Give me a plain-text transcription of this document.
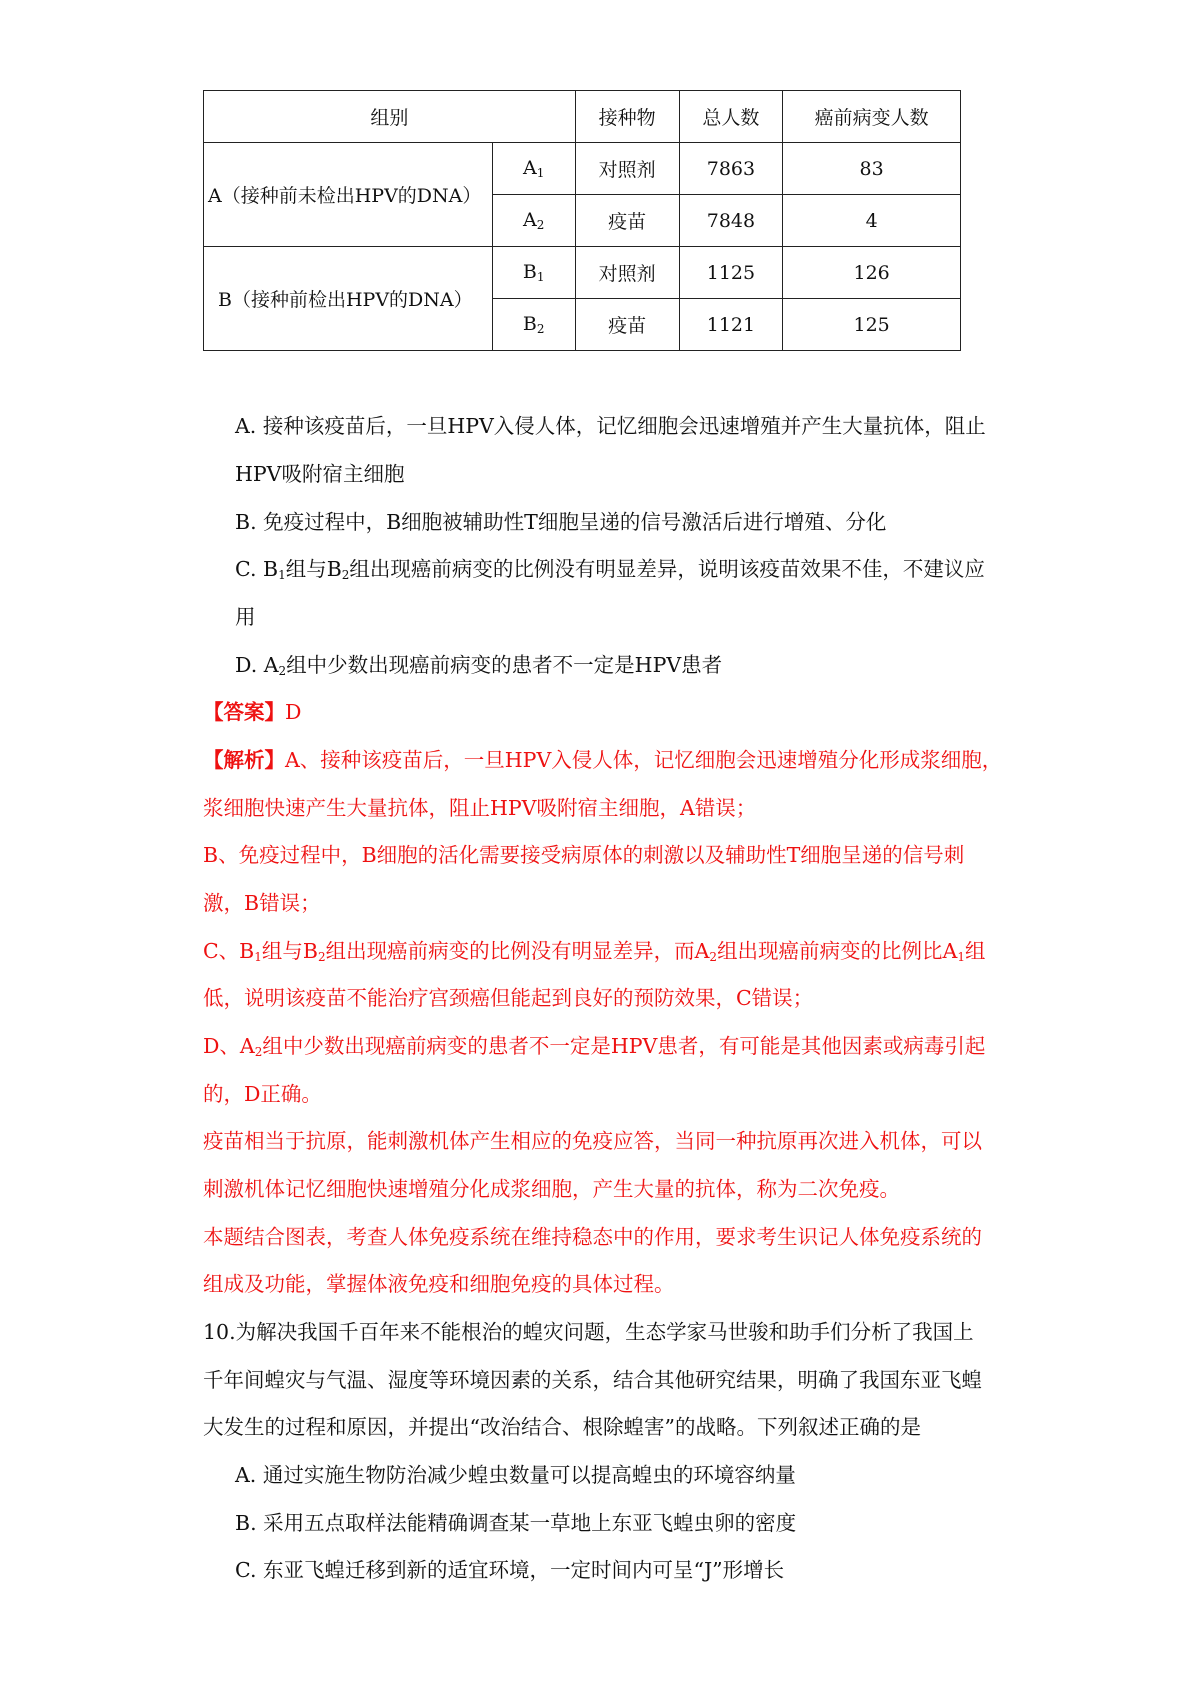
组别		接种物	总人数	癌前病变人数
A（接种前未检出HPV的DNA）	$A_1$	对照剂	7863	83
	$A_2$	疫苗	7848	4
B（接种前检出HPV的DNA）	$B_1$	对照剂	1125	126
	$B_2$	疫苗	1121	125
A. 接种该疫苗后，一旦HPV入侵人体，记忆细胞会迅速增殖并产生大量抗体，阻止
HPV吸附宿主细胞
B. 免疫过程中，B细胞被辅助性T细胞呈递的信号激活后进行增殖、分化
C. $B_1$组与$B_2$组出现癌前病变的比例没有明显差异，说明该疫苗效果不佳，不建议应
用
D. $A_2$组中少数出现癌前病变的患者不一定是HPV患者
【答案】D
【解析】A、接种该疫苗后，一旦HPV入侵人体，记忆细胞会迅速增殖分化形成浆细胞，
浆细胞快速产生大量抗体，阻止HPV吸附宿主细胞，A错误；
B、免疫过程中，B细胞的活化需要接受病原体的刺激以及辅助性T细胞呈递的信号刺
激，B错误；
C、$B_1$组与$B_2$组出现癌前病变的比例没有明显差异，而$A_2$组出现癌前病变的比例比$A_1$组
低，说明该疫苗不能治疗宫颈癌但能起到良好的预防效果，C错误；
D、$A_2$组中少数出现癌前病变的患者不一定是HPV患者，有可能是其他因素或病毒引起
的，D正确。
疫苗相当于抗原，能刺激机体产生相应的免疫应答，当同一种抗原再次进入机体，可以
刺激机体记忆细胞快速增殖分化成浆细胞，产生大量的抗体，称为二次免疫。
本题结合图表，考查人体免疫系统在维持稳态中的作用，要求考生识记人体免疫系统的
组成及功能，掌握体液免疫和细胞免疫的具体过程。
10.为解决我国千百年来不能根治的蝗灾问题，生态学家马世骏和助手们分析了我国上
千年间蝗灾与气温、湿度等环境因素的关系，结合其他研究结果，明确了我国东亚飞蝗
大发生的过程和原因，并提出“改治结合、根除蝗害”的战略。下列叙述正确的是
A. 通过实施生物防治减少蝗虫数量可以提高蝗虫的环境容纳量
B. 采用五点取样法能精确调查某一草地上东亚飞蝗虫卵的密度
C. 东亚飞蝗迁移到新的适宜环境，一定时间内可呈“J”形增长
